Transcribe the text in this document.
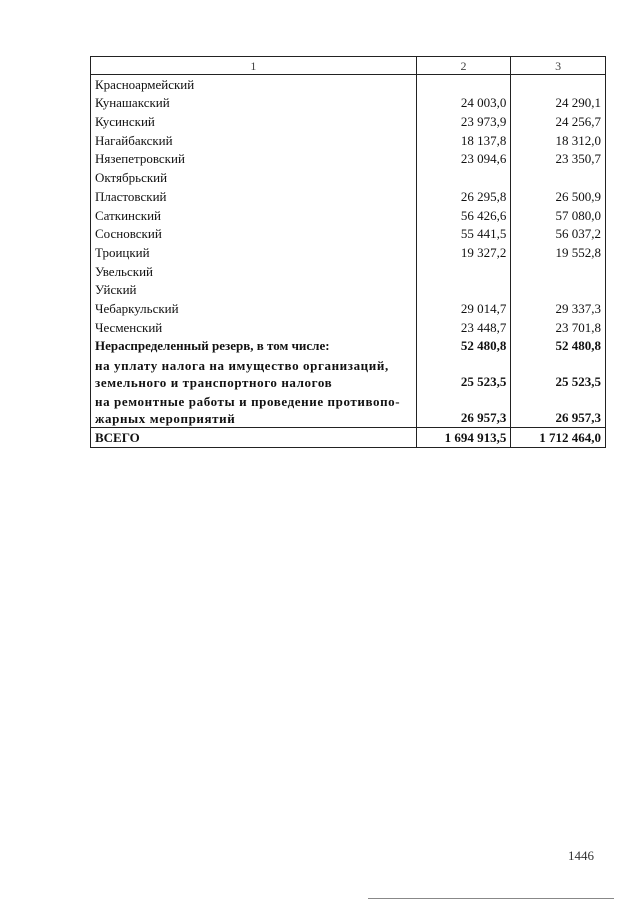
1	2	3
Красноармейский		
Кунашакский	24 003,0	24 290,1
Кусинский	23 973,9	24 256,7
Нагайбакский	18 137,8	18 312,0
Нязепетровский	23 094,6	23 350,7
Октябрьский		
Пластовский	26 295,8	26 500,9
Саткинский	56 426,6	57 080,0
Сосновский	55 441,5	56 037,2
Троицкий	19 327,2	19 552,8
Увельский		
Уйский		
Чебаркульский	29 014,7	29 337,3
Чесменский	23 448,7	23 701,8
Нераспределенный резерв, в том числе:	52 480,8	52 480,8

на уплату налога на имущество организаций,
земельного и транспортного налогов	25 523,5	25 523,5

на ремонтные работы и проведение противопо-
жарных мероприятий	26 957,3	26 957,3
ВСЕГО	1 694 913,5	1 712 464,0
1446
